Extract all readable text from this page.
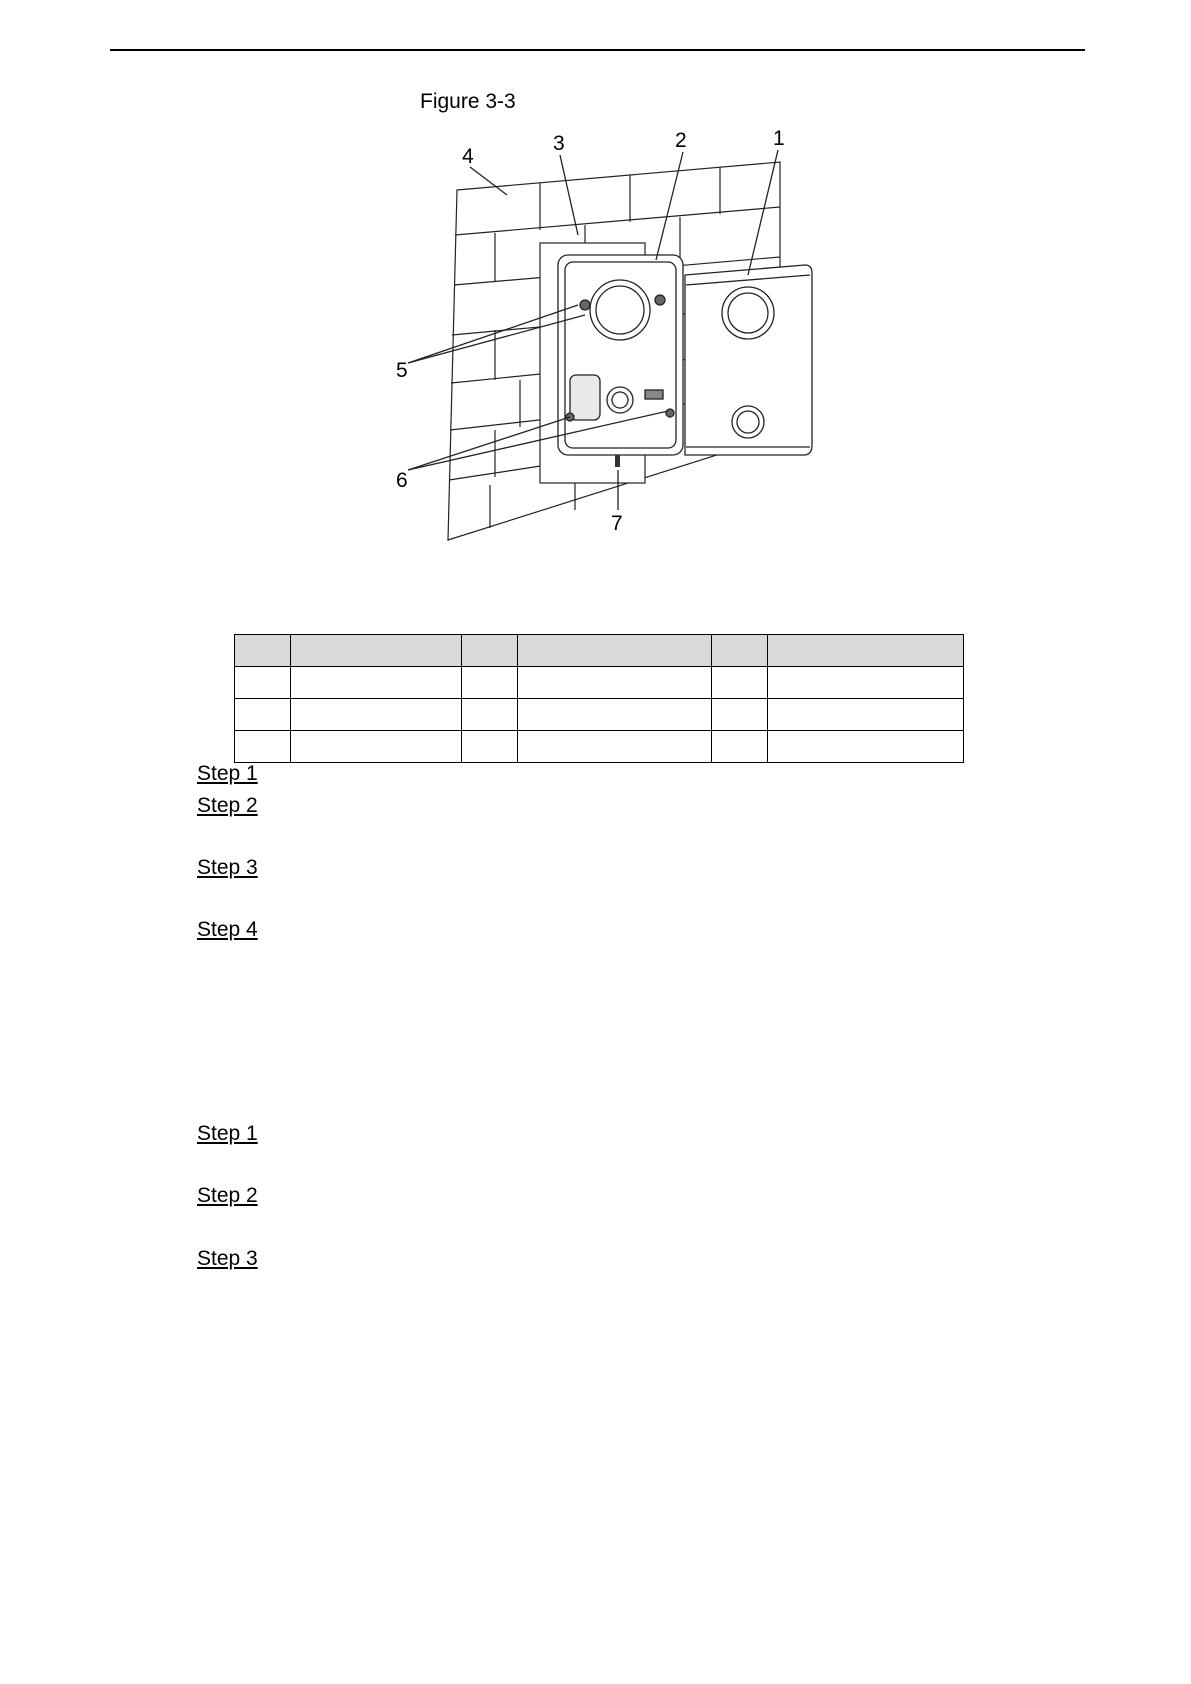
Figure 3-3
1
2
3
4
5
6
7

Step 1
Step 2
Step 3
Step 4
Step 1
Step 2
Step 3
